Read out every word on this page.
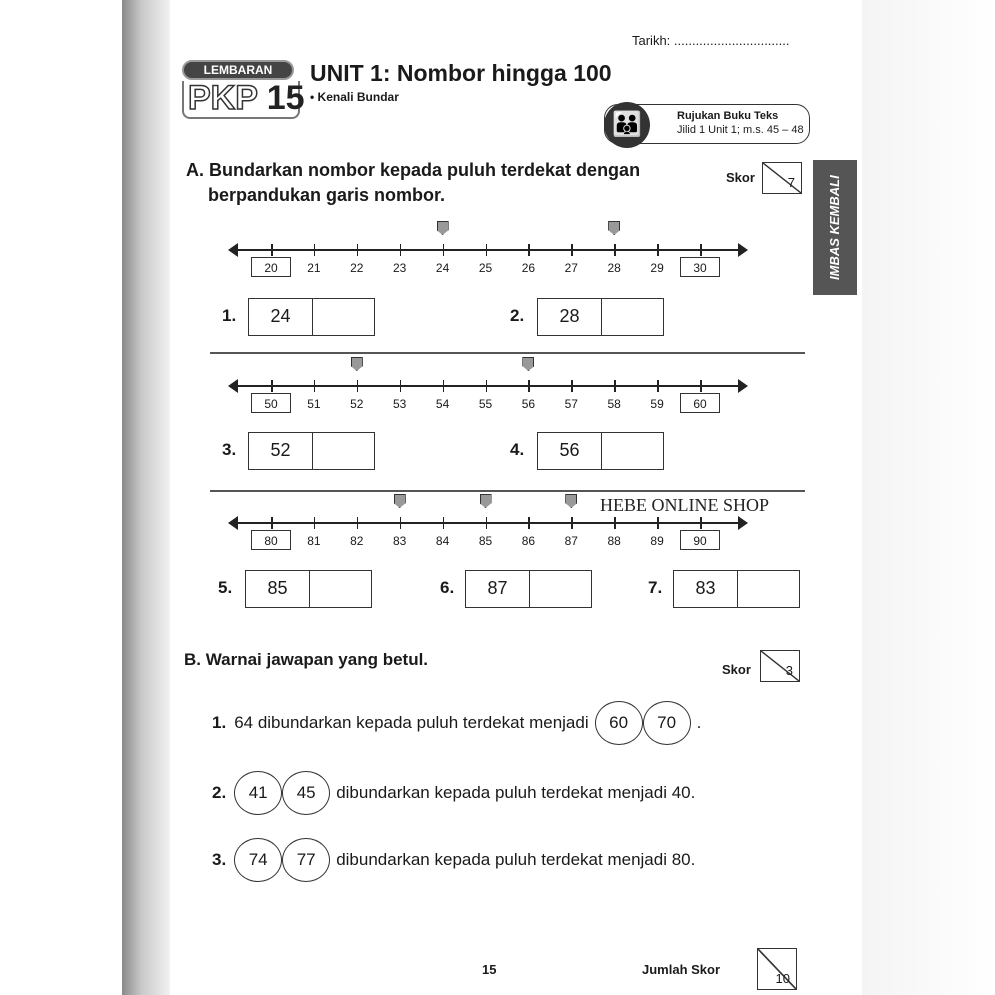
Tarikh: ................................
LEMBARAN
PKP 15
UNIT 1: Nombor hingga 100
• Kenali Bundar
Rujukan Buku Teks
Jilid 1 Unit 1; m.s. 45 – 48
👪
IMBAS KEMBALI
A. Bundarkan nombor kepada puluh terdekat dengan
berpandukan garis nombor.
Skor	7
20	21	22	23	24	25	26	27	28	29	30
50	51	52	53	54	55	56	57	58	59	60
80	81	82	83	84	85	86	87	88	89	90
1.	24	2.	28
3.	52	4.	56
5.	85	6.	87	7.	83
HEBE ONLINE SHOP
B. Warnai jawapan yang betul.
Skor	3
1. 64 dibundarkan kepada puluh terdekat menjadi	60	70	.
2.	41	45	dibundarkan kepada puluh terdekat menjadi 40.
3.	74	77	dibundarkan kepada puluh terdekat menjadi 80.
15	Jumlah Skor
10
